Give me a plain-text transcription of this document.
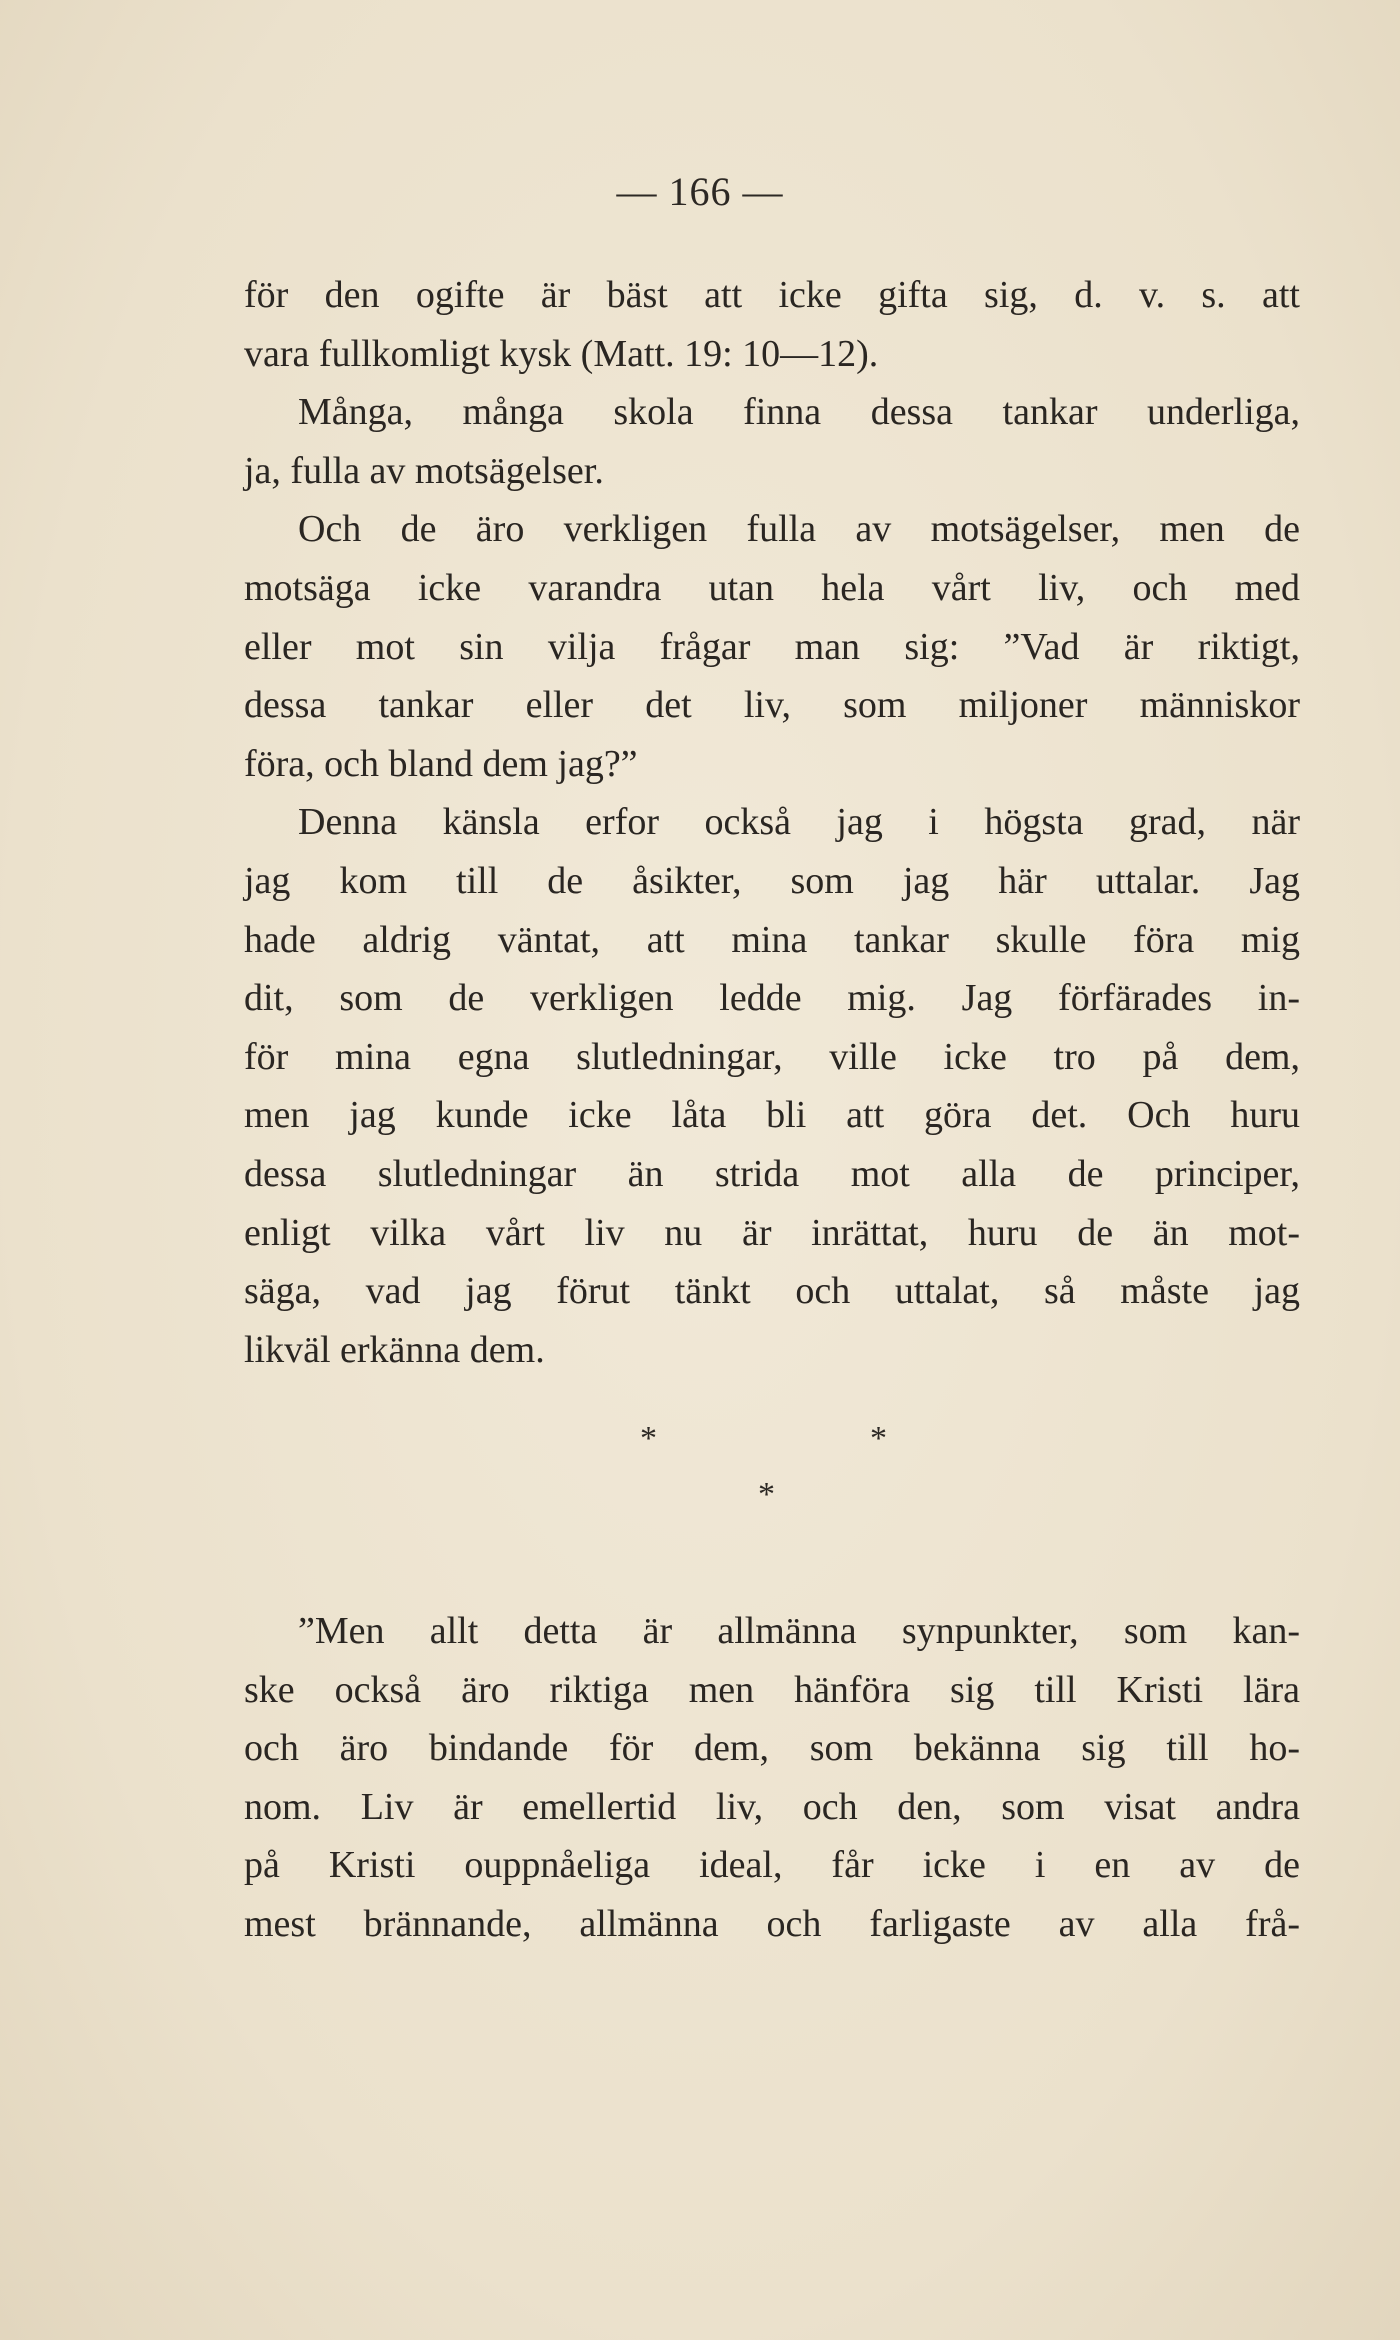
— 166 —
för den ogifte är bäst att icke gifta sig, d. v. s. att
vara fullkomligt kysk (Matt. 19: 10—12).
Många, många skola finna dessa tankar underliga,
ja, fulla av motsägelser.
Och de äro verkligen fulla av motsägelser, men de
motsäga icke varandra utan hela vårt liv, och med
eller mot sin vilja frågar man sig: ”Vad är riktigt,
dessa tankar eller det liv, som miljoner människor
föra, och bland dem jag?”
Denna känsla erfor också jag i högsta grad, när
jag kom till de åsikter, som jag här uttalar. Jag
hade aldrig väntat, att mina tankar skulle föra mig
dit, som de verkligen ledde mig. Jag förfärades in-
för mina egna slutledningar, ville icke tro på dem,
men jag kunde icke låta bli att göra det. Och huru
dessa slutledningar än strida mot alla de principer,
enligt vilka vårt liv nu är inrättat, huru de än mot-
säga, vad jag förut tänkt och uttalat, så måste jag
likväl erkänna dem.
*	*
*
”Men allt detta är allmänna synpunkter, som kan-
ske också äro riktiga men hänföra sig till Kristi lära
och äro bindande för dem, som bekänna sig till ho-
nom. Liv är emellertid liv, och den, som visat andra
på Kristi ouppnåeliga ideal, får icke i en av de
mest brännande, allmänna och farligaste av alla frå-
